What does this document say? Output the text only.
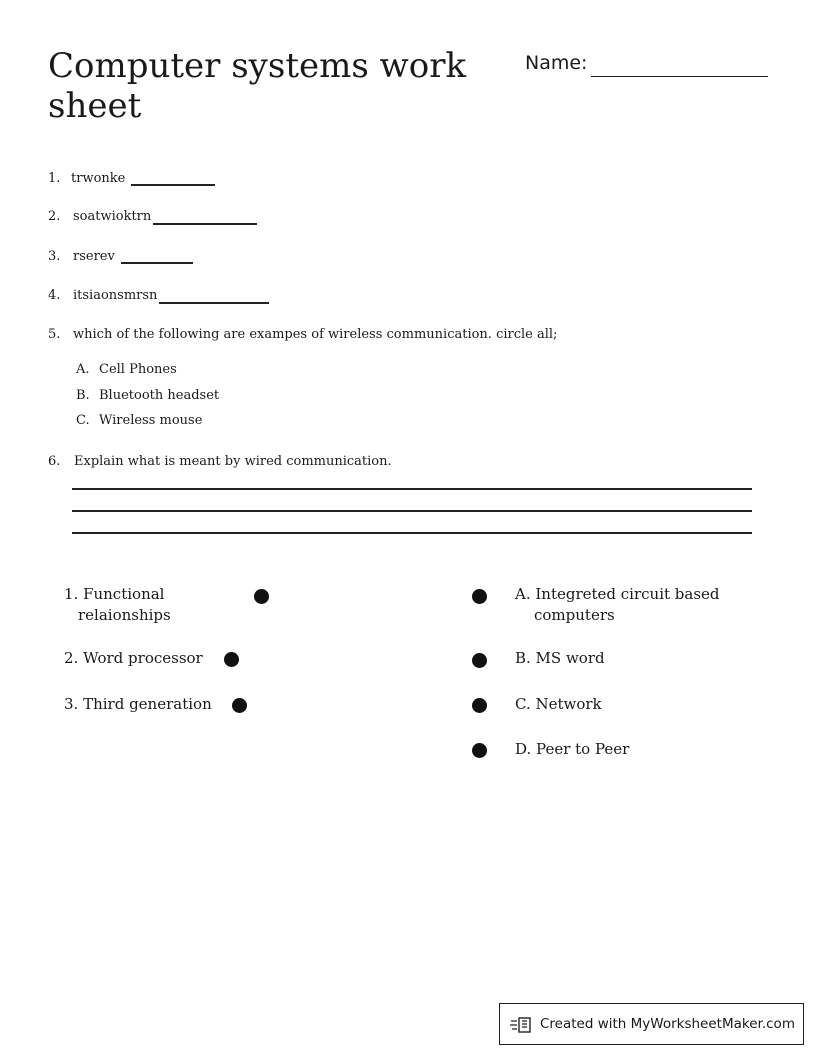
Computer systems work sheet
Name:
1. trwonke
2. soatwioktrn
3. rserev
4. itsiaonsmrsn
5. which of the following are exampes of wireless communication. circle all;
A. Cell Phones
B. Bluetooth headset
C. Wireless mouse
6. Explain what is meant by wired communication.
1. Functional
relaionships
2. Word processor
3. Third generation
A. Integreted circuit based
computers
B. MS word
C. Network
D. Peer to Peer
Created with MyWorksheetMaker.com
